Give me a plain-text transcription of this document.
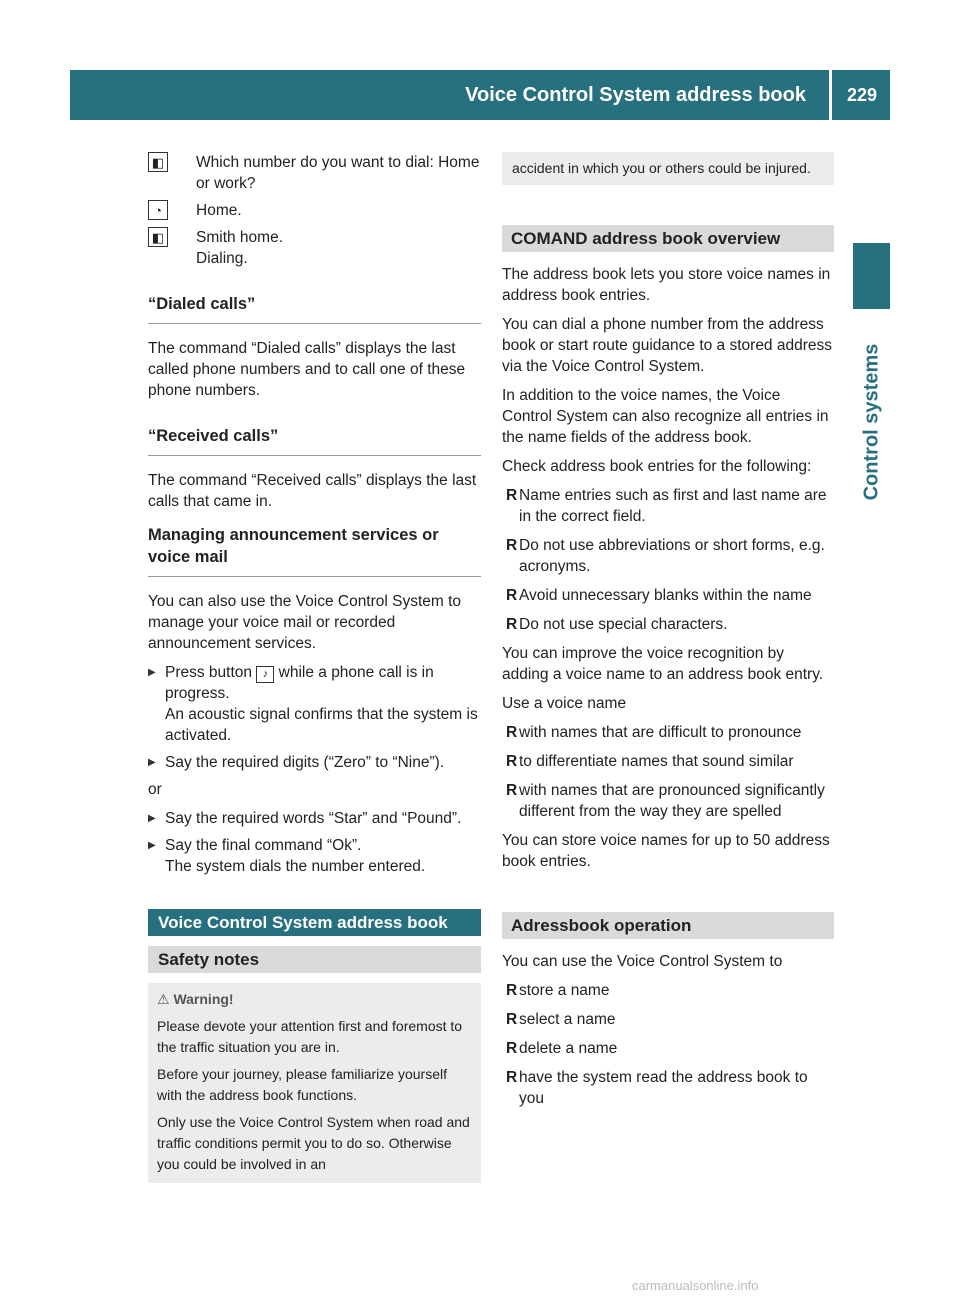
Voice Control System address book	229
Control systems
◧ Which number do you want to dial: Home or work?
◔	Home.
◧ Smith home. Dialing.
“Dialed calls”

The command “Dialed calls” displays the last called phone numbers and to call one of these phone numbers.

“Received calls”

The command “Received calls” displays the last calls that came in.

Managing announcement services or voice mail

You can also use the Voice Control System to manage your voice mail or recorded announcement services.

▶ Press button ♪ while a phone call is in progress.
An acoustic signal confirms that the system is activated.
▶ Say the required digits (“Zero” to “Nine”).

or

▶ Say the required words “Star” and “Pound”.
▶ Say the final command “Ok”.
The system dials the number entered.
Voice Control System address book
Safety notes
⚠ Warning!

Please devote your attention first and foremost to the traffic situation you are in.

Before your journey, please familiarize yourself with the address book functions.

Only use the Voice Control System when road and traffic conditions permit you to do so. Otherwise you could be involved in an

accident in which you or others could be injured.
COMAND address book overview

The address book lets you store voice names in address book entries.

You can dial a phone number from the address book or start route guidance to a stored address via the Voice Control System.

In addition to the voice names, the Voice Control System can also recognize all entries in the name fields of the address book.

Check address book entries for the following:

R Name entries such as first and last name are in the correct field.
R Do not use abbreviations or short forms, e.g. acronyms.
R Avoid unnecessary blanks within the name
R Do not use special characters.

You can improve the voice recognition by adding a voice name to an address book entry.

Use a voice name

R with names that are difficult to pronounce
R to differentiate names that sound similar
R with names that are pronounced significantly different from the way they are spelled

You can store voice names for up to 50 address book entries.

Adressbook operation

You can use the Voice Control System to

R store a name
R select a name
R delete a name
R have the system read the address book to you
carmanualsonline.info
